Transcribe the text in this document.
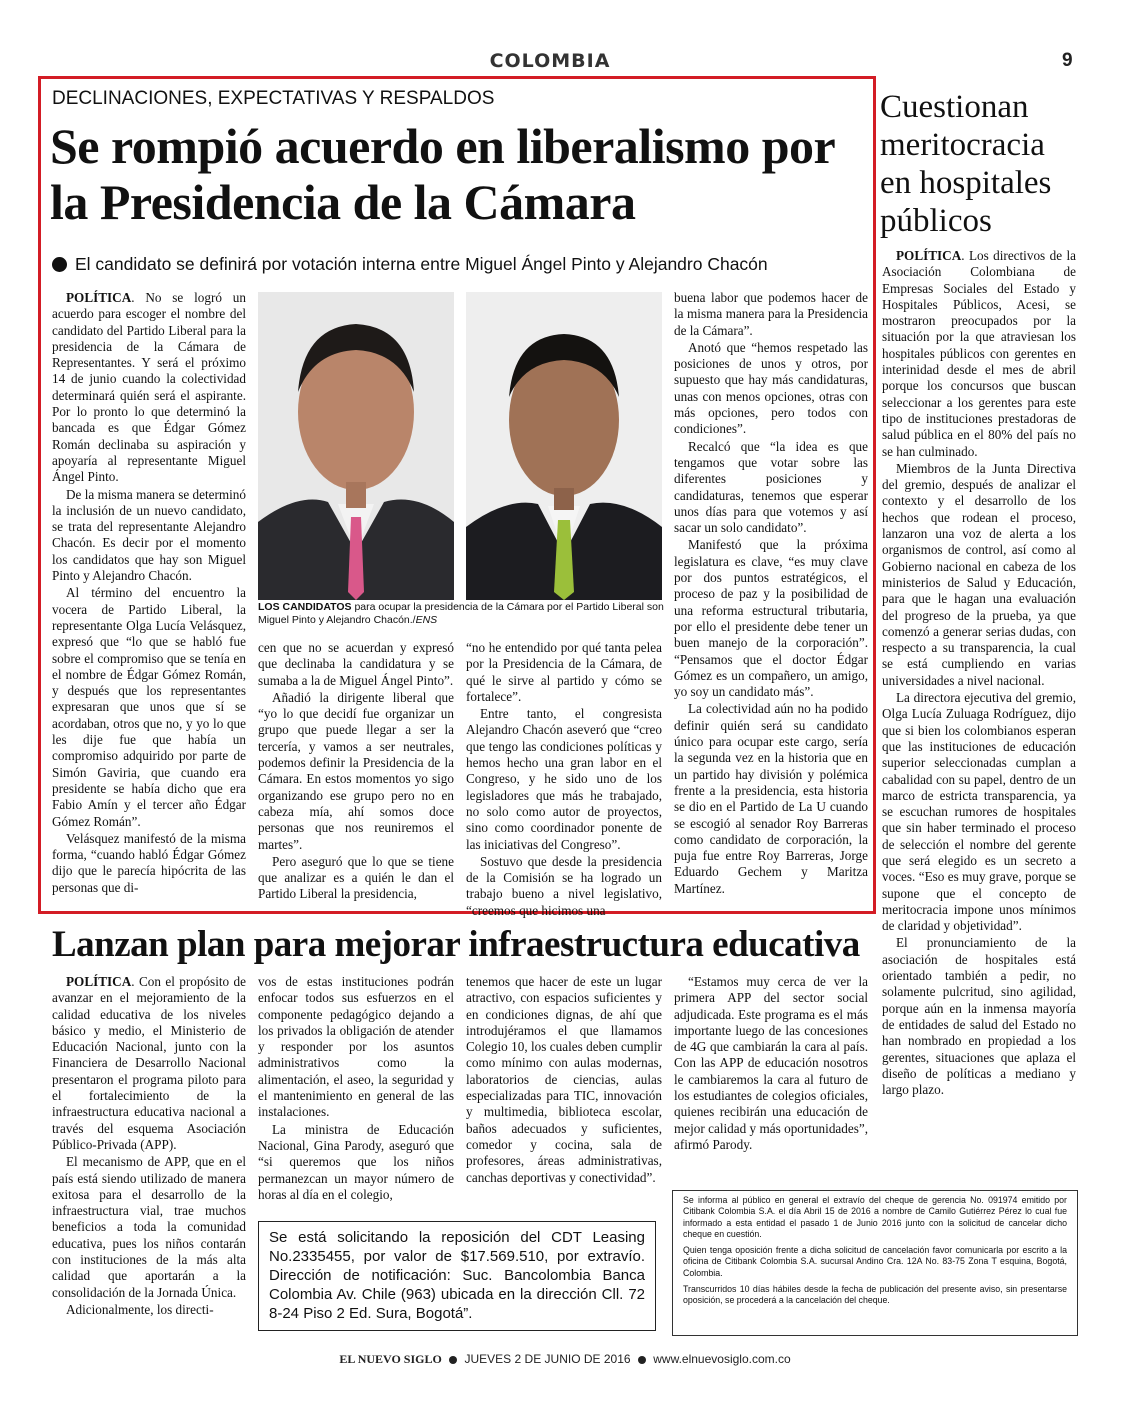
COLOMBIA	9
DECLINACIONES, EXPECTATIVAS Y RESPALDOS
Se rompió acuerdo en liberalismo por la Presidencia de la Cámara
El candidato se definirá por votación interna entre Miguel Ángel Pinto y Alejandro Chacón

POLÍTICA. No se logró un acuerdo para escoger el nombre del candidato del Partido Liberal para la presidencia de la Cámara de Representantes. Y será el próximo 14 de junio cuando la colectividad determinará quién será el aspirante. Por lo pronto lo que determinó la bancada es que Édgar Gómez Román declinaba su aspiración y apoyaría al representante Miguel Ángel Pinto.

De la misma manera se determinó la inclusión de un nuevo candidato, se trata del representante Alejandro Chacón. Es decir por el momento los candidatos que hay son Miguel Pinto y Alejandro Chacón.

Al término del encuentro la vocera de Partido Liberal, la representante Olga Lucía Velásquez, expresó que “lo que se habló fue sobre el compromiso que se tenía en el nombre de Édgar Gómez Román, y después que los representantes expresaran que unos que sí se acordaban, otros que no, y yo lo que les dije fue que había un compromiso adquirido por parte de Simón Gaviria, que cuando era presidente se había dicho que era Fabio Amín y el tercer año Édgar Gómez Román”.

Velásquez manifestó de la misma forma, “cuando habló Édgar Gómez dijo que le parecía hipócrita de las personas que di-

LOS CANDIDATOS para ocupar la presidencia de la Cámara por el Partido Liberal son Miguel Pinto y Alejandro Chacón./ENS

cen que no se acuerdan y expresó que declinaba la candidatura y se sumaba a la de Miguel Ángel Pinto”.

Añadió la dirigente liberal que “yo lo que decidí fue organizar un grupo que puede llegar a ser la tercería, y vamos a ser neutrales, podemos definir la Presidencia de la Cámara. En estos momentos yo sigo organizando ese grupo pero no en cabeza mía, ahí somos doce personas que nos reuniremos el martes”.

Pero aseguró que lo que se tiene que analizar es a quién le dan el Partido Liberal la presidencia,

“no he entendido por qué tanta pelea por la Presidencia de la Cámara, de qué le sirve al partido y cómo se fortalece”.

Entre tanto, el congresista Alejandro Chacón aseveró que “creo que tengo las condiciones políticas y hemos hecho una gran labor en el Congreso, y he sido uno de los legisladores que más he trabajado, no solo como autor de proyectos, sino como coordinador ponente de las iniciativas del Congreso”.

Sostuvo que desde la presidencia de la Comisión se ha logrado un trabajo bueno a nivel legislativo, “creemos que hicimos una

buena labor que podemos hacer de la misma manera para la Presidencia de la Cámara”.

Anotó que “hemos respetado las posiciones de unos y otros, por supuesto que hay más candidaturas, unas con menos opciones, otras con más opciones, pero todos con condiciones”.

Recalcó que “la idea es que tengamos que votar sobre las diferentes posiciones y candidaturas, tenemos que esperar unos días para que votemos y así sacar un solo candidato”.

Manifestó que la próxima legislatura es clave, “es muy clave por dos puntos estratégicos, el proceso de paz y la posibilidad de una reforma estructural tributaria, por ello el presidente debe tener un buen manejo de la corporación”. “Pensamos que el doctor Édgar Gómez es un compañero, un amigo, yo soy un candidato más”.

La colectividad aún no ha podido definir quién será su candidato único para ocupar este cargo, sería la segunda vez en la historia que en un partido hay división y polémica frente a la presidencia, esta historia se dio en el Partido de La U cuando se escogió al senador Roy Barreras como candidato de corporación, la puja fue entre Roy Barreras, Jorge Eduardo Gechem y Maritza Martínez.

Cuestionan meritocracia en hospitales públicos

POLÍTICA. Los directivos de la Asociación Colombiana de Empresas Sociales del Estado y Hospitales Públicos, Acesi, se mostraron preocupados por la situación por la que atraviesan los hospitales públicos con gerentes en interinidad desde el mes de abril porque los concursos que buscan seleccionar a los gerentes para este tipo de instituciones prestadoras de salud pública en el 80% del país no se han culminado.

Miembros de la Junta Directiva del gremio, después de analizar el contexto y el desarrollo de los hechos que rodean el proceso, lanzaron una voz de alerta a los organismos de control, así como al Gobierno nacional en cabeza de los ministerios de Salud y Educación, para que le hagan una evaluación del progreso de la prueba, ya que comenzó a generar serias dudas, con respecto a su transparencia, la cual se está cumpliendo en varias universidades a nivel nacional.

La directora ejecutiva del gremio, Olga Lucía Zuluaga Rodríguez, dijo que si bien los colombianos esperan que las instituciones de educación superior seleccionadas cumplan a cabalidad con su papel, dentro de un marco de estricta transparencia, ya se escuchan rumores de hospitales que sin haber terminado el proceso de selección el nombre del gerente que será elegido es un secreto a voces. “Eso es muy grave, porque se supone que el concepto de meritocracia impone unos mínimos de claridad y objetividad”.

El pronunciamiento de la asociación de hospitales está orientado también a pedir, no solamente pulcritud, sino agilidad, porque aún en la inmensa mayoría de entidades de salud del Estado no han nombrado en propiedad a los gerentes, situaciones que aplaza el diseño de políticas a mediano y largo plazo.

Lanzan plan para mejorar infraestructura educativa

POLÍTICA. Con el propósito de avanzar en el mejoramiento de la calidad educativa de los niveles básico y medio, el Ministerio de Educación Nacional, junto con la Financiera de Desarrollo Nacional presentaron el programa piloto para el fortalecimiento de la infraestructura educativa nacional a través del esquema Asociación Público-Privada (APP).

El mecanismo de APP, que en el país está siendo utilizado de manera exitosa para el desarrollo de la infraestructura vial, trae muchos beneficios a toda la comunidad educativa, pues los niños contarán con instituciones de la más alta calidad que aportarán a la consolidación de la Jornada Única.

Adicionalmente, los directi-

vos de estas instituciones podrán enfocar todos sus esfuerzos en el componente pedagógico dejando a los privados la obligación de atender y responder por los asuntos administrativos como la alimentación, el aseo, la seguridad y el mantenimiento en general de las instalaciones.

La ministra de Educación Nacional, Gina Parody, aseguró que “si queremos que los niños permanezcan un mayor número de horas al día en el colegio,

tenemos que hacer de este un lugar atractivo, con espacios suficientes y en condiciones dignas, de ahí que introdujéramos el que llamamos Colegio 10, los cuales deben cumplir como mínimo con aulas modernas, laboratorios de ciencias, aulas especializadas para TIC, innovación y multimedia, biblioteca escolar, baños adecuados y suficientes, comedor y cocina, sala de profesores, áreas administrativas, canchas deportivas y conectividad”.

“Estamos muy cerca de ver la primera APP del sector social adjudicada. Este programa es el más importante luego de las concesiones de 4G que cambiarán la cara al país. Con las APP de educación nosotros le cambiaremos la cara al futuro de los estudiantes de colegios oficiales, quienes recibirán una educación de mejor calidad y más oportunidades”, afirmó Parody.

Se está solicitando la reposición del CDT Leasing No.2335455, por valor de $17.569.510, por extravío. Dirección de notificación: Suc. Bancolombia Banca Colombia Av. Chile (963) ubicada en la dirección Cll. 72 8-24 Piso 2 Ed. Sura, Bogotá”.

Se informa al público en general el extravío del cheque de gerencia No. 091974 emitido por Citibank Colombia S.A. el día Abril 15 de 2016 a nombre de Camilo Gutiérrez Pérez lo cual fue informado a esta entidad el pasado 1 de Junio 2016 junto con la solicitud de cancelar dicho cheque en cuestión.

Quien tenga oposición frente a dicha solicitud de cancelación favor comunicarla por escrito a la oficina de Citibank Colombia S.A. sucursal Andino Cra. 12A No. 83-75 Zona T esquina, Bogotá, Colombia.

Transcurridos 10 días hábiles desde la fecha de publicación del presente aviso, sin presentarse oposición, se procederá a la cancelación del cheque.

EL NUEVO SIGLO JUEVES 2 DE JUNIO DE 2016 www.elnuevosiglo.com.co
